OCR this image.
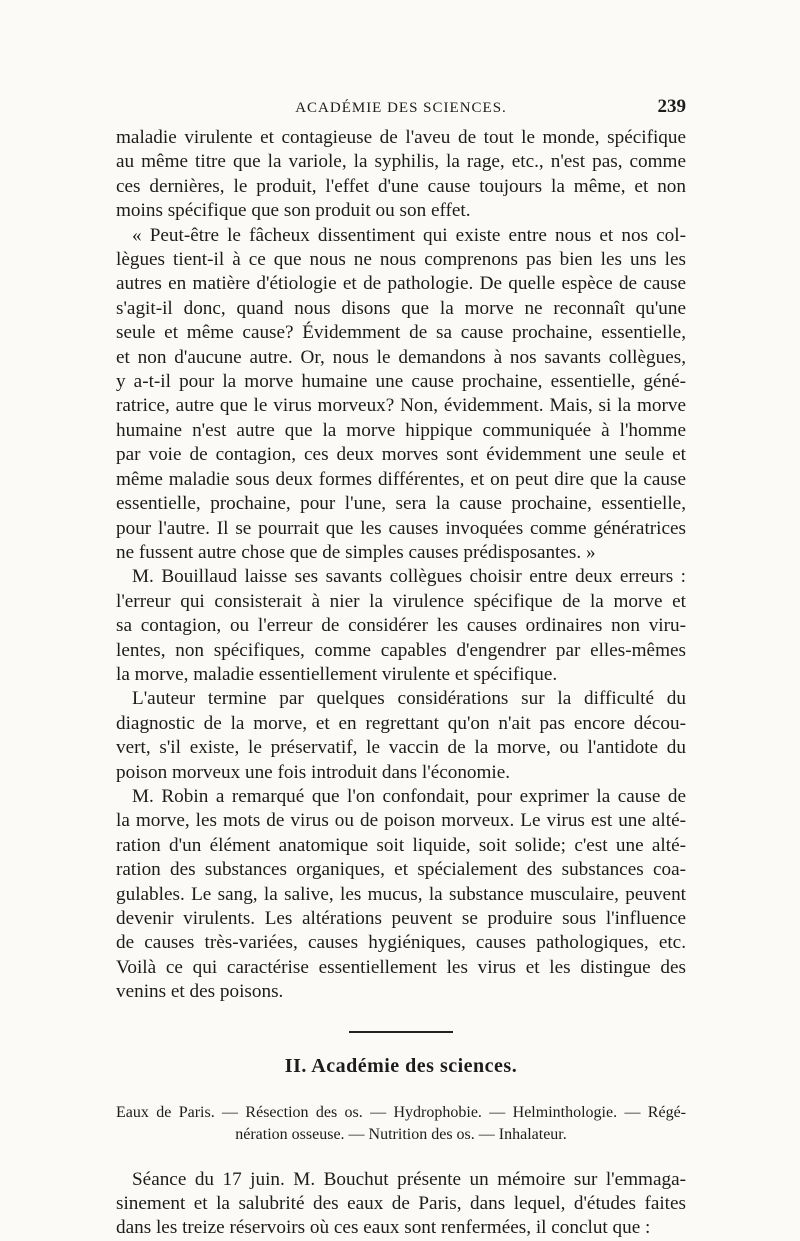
ACADÉMIE DES SCIENCES.	239

maladie virulente et contagieuse de l'aveu de tout le monde, spécifique

au même titre que la variole, la syphilis, la rage, etc., n'est pas, comme

ces dernières, le produit, l'effet d'une cause toujours la même, et non

moins spécifique que son produit ou son effet.

« Peut-être le fâcheux dissentiment qui existe entre nous et nos col-

lègues tient-il à ce que nous ne nous comprenons pas bien les uns les

autres en matière d'étiologie et de pathologie. De quelle espèce de cause

s'agit-il donc, quand nous disons que la morve ne reconnaît qu'une

seule et même cause? Évidemment de sa cause prochaine, essentielle,

et non d'aucune autre. Or, nous le demandons à nos savants collègues,

y a-t-il pour la morve humaine une cause prochaine, essentielle, géné-

ratrice, autre que le virus morveux? Non, évidemment. Mais, si la morve

humaine n'est autre que la morve hippique communiquée à l'homme

par voie de contagion, ces deux morves sont évidemment une seule et

même maladie sous deux formes différentes, et on peut dire que la cause

essentielle, prochaine, pour l'une, sera la cause prochaine, essentielle,

pour l'autre. Il se pourrait que les causes invoquées comme génératrices

ne fussent autre chose que de simples causes prédisposantes. »

M. Bouillaud laisse ses savants collègues choisir entre deux erreurs :

l'erreur qui consisterait à nier la virulence spécifique de la morve et

sa contagion, ou l'erreur de considérer les causes ordinaires non viru-

lentes, non spécifiques, comme capables d'engendrer par elles-mêmes

la morve, maladie essentiellement virulente et spécifique.

L'auteur termine par quelques considérations sur la difficulté du

diagnostic de la morve, et en regrettant qu'on n'ait pas encore décou-

vert, s'il existe, le préservatif, le vaccin de la morve, ou l'antidote du

poison morveux une fois introduit dans l'économie.

M. Robin a remarqué que l'on confondait, pour exprimer la cause de

la morve, les mots de virus ou de poison morveux. Le virus est une alté-

ration d'un élément anatomique soit liquide, soit solide; c'est une alté-

ration des substances organiques, et spécialement des substances coa-

gulables. Le sang, la salive, les mucus, la substance musculaire, peuvent

devenir virulents. Les altérations peuvent se produire sous l'influence

de causes très-variées, causes hygiéniques, causes pathologiques, etc.

Voilà ce qui caractérise essentiellement les virus et les distingue des

venins et des poisons.

II. Académie des sciences.
Eaux de Paris. — Résection des os. — Hydrophobie. — Helminthologie. — Régé-nération osseuse. — Nutrition des os. — Inhalateur.

Séance du 17 juin. M. Bouchut présente un mémoire sur l'emmaga-

sinement et la salubrité des eaux de Paris, dans lequel, d'études faites

dans les treize réservoirs où ces eaux sont renfermées, il conclut que :
